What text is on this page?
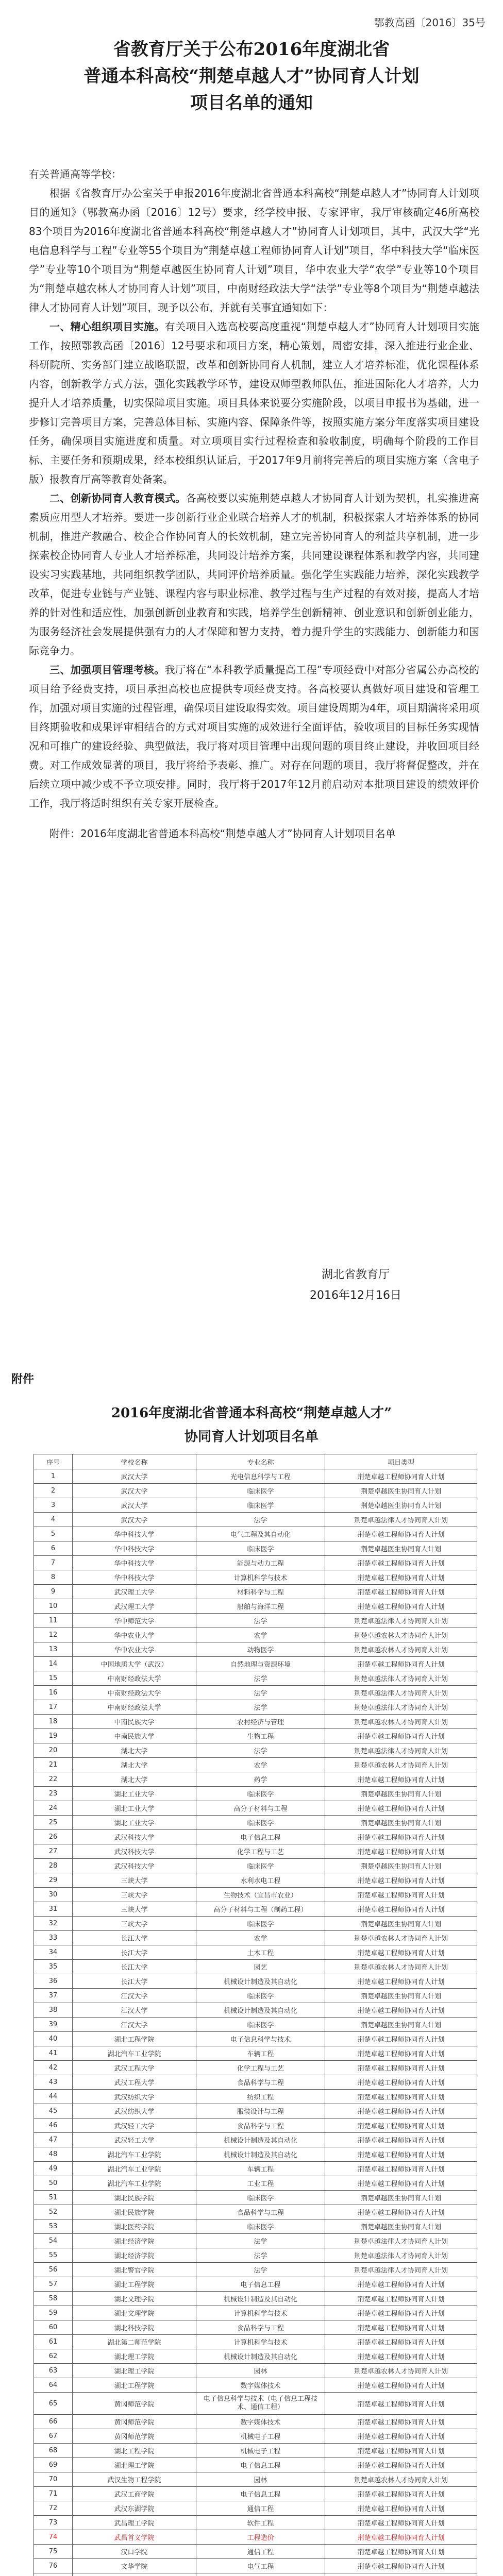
鄂教高函〔2016〕35号
省教育厅关于公布2016年度湖北省
普通本科高校“荆楚卓越人才”协同育人计划
项目名单的通知

有关普通高等学校：

根据《省教育厅办公室关于申报2016年度湖北省普通本科高校“荆楚卓越人才”协同育人计划项目的通知》（鄂教高办函〔2016〕12号）要求，经学校申报、专家评审，我厅审核确定46所高校83个项目为2016年度湖北省普通本科高校“荆楚卓越人才”协同育人计划项目，其中，武汉大学“光电信息科学与工程”专业等55个项目为“荆楚卓越工程师协同育人计划”项目，华中科技大学“临床医学”专业等10个项目为“荆楚卓越医生协同育人计划”项目，华中农业大学“农学”专业等10个项目为“荆楚卓越农林人才协同育人计划”项目，中南财经政法大学“法学”专业等8个项目为“荆楚卓越法律人才协同育人计划”项目，现予以公布，并就有关事宜通知如下：

一、精心组织项目实施。有关项目入选高校要高度重视“荆楚卓越人才”协同育人计划项目实施工作，按照鄂教高函〔2016〕12号要求和项目方案，精心策划，周密安排，深入推进行业企业、科研院所、实务部门建立战略联盟，改革和创新协同育人机制，建立人才培养标准，优化课程体系内容，创新教学方式方法，强化实践教学环节，建设双师型教师队伍，推进国际化人才培养，大力提升人才培养质量，切实保障项目实施。项目具体来说要分实施阶段，以项目申报书为基础，进一步修订完善项目方案，完善总体目标、实施内容、保障条件等，按照实施方案分年度落实项目建设任务，确保项目实施进度和质量。对立项项目实行过程检查和验收制度，明确每个阶段的工作目标、主要任务和预期成果，经本校组织认证后，于2017年9月前将完善后的项目实施方案（含电子版）报教育厅高等教育处备案。

二、创新协同育人教育模式。各高校要以实施荆楚卓越人才协同育人计划为契机，扎实推进高素质应用型人才培养。要进一步创新行业企业联合培养人才的机制，积极探索人才培养体系的协同机制，推进产教融合、校企合作协同育人的长效机制，建立完善协同育人的利益共享机制，进一步探索校企协同育人专业人才培养标准，共同设计培养方案，共同建设课程体系和教学内容，共同建设实习实践基地，共同组织教学团队，共同评价培养质量。强化学生实践能力培养，深化实践教学改革，促进专业链与产业链、课程内容与职业标准、教学过程与生产过程的有效对接，提高人才培养的针对性和适应性，加强创新创业教育和实践，培养学生创新精神、创业意识和创新创业能力，为服务经济社会发展提供强有力的人才保障和智力支持，着力提升学生的实践能力、创新能力和国际竞争力。

三、加强项目管理考核。我厅将在“本科教学质量提高工程”专项经费中对部分省属公办高校的项目给予经费支持，项目承担高校也应提供专项经费支持。各高校要认真做好项目建设和管理工作，加强对项目实施的过程管理，确保项目建设取得实效。项目建设周期为4年，项目期满将采用项目终期验收和成果评审相结合的方式对项目实施的成效进行全面评估，验收项目的目标任务实现情况和可推广的建设经验、典型做法，我厅将对项目管理中出现问题的项目终止建设，并收回项目经费。对工作成效显著的项目，我厅将给予表彰、推广。对存在问题的项目，我厅将督促整改，并在后续立项中减少或不予立项安排。同时，我厅将于2017年12月前启动对本批项目建设的绩效评价工作，我厅将适时组织有关专家开展检查。

附件：2016年度湖北省普通本科高校“荆楚卓越人才”协同育人计划项目名单

湖北省教育厅
2016年12月16日
附件
2016年度湖北省普通本科高校“荆楚卓越人才”
协同育人计划项目名单
序号	学校名称	专业名称	项目类型
1	武汉大学	光电信息科学与工程	荆楚卓越工程师协同育人计划
2	武汉大学	临床医学	荆楚卓越医生协同育人计划
3	武汉大学	临床医学	荆楚卓越医生协同育人计划
4	武汉大学	法学	荆楚卓越法律人才协同育人计划
5	华中科技大学	电气工程及其自动化	荆楚卓越工程师协同育人计划
6	华中科技大学	临床医学	荆楚卓越医生协同育人计划
7	华中科技大学	能源与动力工程	荆楚卓越工程师协同育人计划
8	华中科技大学	计算机科学与技术	荆楚卓越工程师协同育人计划
9	武汉理工大学	材料科学与工程	荆楚卓越工程师协同育人计划
10	武汉理工大学	船舶与海洋工程	荆楚卓越工程师协同育人计划
11	华中师范大学	法学	荆楚卓越法律人才协同育人计划
12	华中农业大学	农学	荆楚卓越农林人才协同育人计划
13	华中农业大学	动物医学	荆楚卓越农林人才协同育人计划
14	中国地质大学（武汉）	自然地理与资源环境	荆楚卓越工程师协同育人计划
15	中南财经政法大学	法学	荆楚卓越法律人才协同育人计划
16	中南财经政法大学	法学	荆楚卓越法律人才协同育人计划
17	中南财经政法大学	法学	荆楚卓越法律人才协同育人计划
18	中南民族大学	农村经济与管理	荆楚卓越农林人才协同育人计划
19	中南民族大学	生物工程	荆楚卓越工程师协同育人计划
20	湖北大学	法学	荆楚卓越法律人才协同育人计划
21	湖北大学	农学	荆楚卓越农林人才协同育人计划
22	湖北大学	药学	荆楚卓越工程师协同育人计划
23	湖北工业大学	临床医学	荆楚卓越医生协同育人计划
24	湖北工业大学	高分子材料与工程	荆楚卓越工程师协同育人计划
25	湖北工业大学	临床医学	荆楚卓越医生协同育人计划
26	武汉科技大学	电子信息工程	荆楚卓越工程师协同育人计划
27	武汉科技大学	化学工程与工艺	荆楚卓越工程师协同育人计划
28	武汉科技大学	临床医学	荆楚卓越医生协同育人计划
29	三峡大学	水利水电工程	荆楚卓越工程师协同育人计划
30	三峡大学	生物技术（宜昌市农业）	荆楚卓越工程师协同育人计划
31	三峡大学	高分子材料与工程（制药工程）	荆楚卓越工程师协同育人计划
32	三峡大学	临床医学	荆楚卓越医生协同育人计划
33	长江大学	农学	荆楚卓越农林人才协同育人计划
34	长江大学	土木工程	荆楚卓越工程师协同育人计划
35	长江大学	园艺	荆楚卓越农林人才协同育人计划
36	长江大学	机械设计制造及其自动化	荆楚卓越工程师协同育人计划
37	江汉大学	临床医学	荆楚卓越医生协同育人计划
38	江汉大学	机械设计制造及其自动化	荆楚卓越工程师协同育人计划
39	江汉大学	临床医学	荆楚卓越医生协同育人计划
40	湖北工程学院	电子信息科学与技术	荆楚卓越工程师协同育人计划
41	湖北汽车工业学院	车辆工程	荆楚卓越工程师协同育人计划
42	武汉工程大学	化学工程与工艺	荆楚卓越工程师协同育人计划
43	武汉工程大学	食品科学与工程	荆楚卓越工程师协同育人计划
44	武汉纺织大学	纺织工程	荆楚卓越工程师协同育人计划
45	武汉纺织大学	服装设计与工程	荆楚卓越工程师协同育人计划
46	武汉轻工大学	食品科学与工程	荆楚卓越工程师协同育人计划
47	武汉轻工大学	机械设计制造及其自动化	荆楚卓越工程师协同育人计划
48	湖北汽车工业学院	机械设计制造及其自动化	荆楚卓越工程师协同育人计划
49	湖北汽车工业学院	车辆工程	荆楚卓越工程师协同育人计划
50	湖北汽车工业学院	工业工程	荆楚卓越工程师协同育人计划
51	湖北民族学院	临床医学	荆楚卓越医生协同育人计划
52	湖北民族学院	食品科学与工程	荆楚卓越工程师协同育人计划
53	湖北医药学院	临床医学	荆楚卓越医生协同育人计划
54	湖北经济学院	法学	荆楚卓越法律人才协同育人计划
55	湖北经济学院	法学	荆楚卓越法律人才协同育人计划
56	湖北警官学院	法学	荆楚卓越法律人才协同育人计划
57	湖北工程学院	电子信息工程	荆楚卓越工程师协同育人计划
58	湖北文理学院	机械设计制造及其自动化	荆楚卓越工程师协同育人计划
59	湖北文理学院	计算机科学与技术	荆楚卓越工程师协同育人计划
60	湖北科技学院	食品科学与工程	荆楚卓越工程师协同育人计划
61	湖北第二师范学院	计算机科学与技术	荆楚卓越工程师协同育人计划
62	湖北理工学院	机械设计制造及其自动化	荆楚卓越工程师协同育人计划
63	湖北理工学院	园林	荆楚卓越农林人才协同育人计划
64	湖北工程学院	数字媒体技术	荆楚卓越工程师协同育人计划
65	黄冈师范学院	电子信息科学与技术（电子信息工程技术、通信工程）	荆楚卓越工程师协同育人计划
66	黄冈师范学院	数字媒体技术	荆楚卓越工程师协同育人计划
67	黄冈师范学院	机械电子工程	荆楚卓越工程师协同育人计划
68	湖北工程学院	机械电子工程	荆楚卓越工程师协同育人计划
69	湖北理工学院	电子信息工程	荆楚卓越工程师协同育人计划
70	武汉生物工程学院	园林	荆楚卓越农林人才协同育人计划
71	武汉工商学院	电子信息工程	荆楚卓越工程师协同育人计划
72	武汉东湖学院	通信工程	荆楚卓越工程师协同育人计划
73	武昌理工学院	软件工程	荆楚卓越工程师协同育人计划
74	武昌首义学院	工程造价	荆楚卓越工程师协同育人计划
75	汉口学院	通信工程	荆楚卓越工程师协同育人计划
76	文华学院	电气工程	荆楚卓越工程师协同育人计划
